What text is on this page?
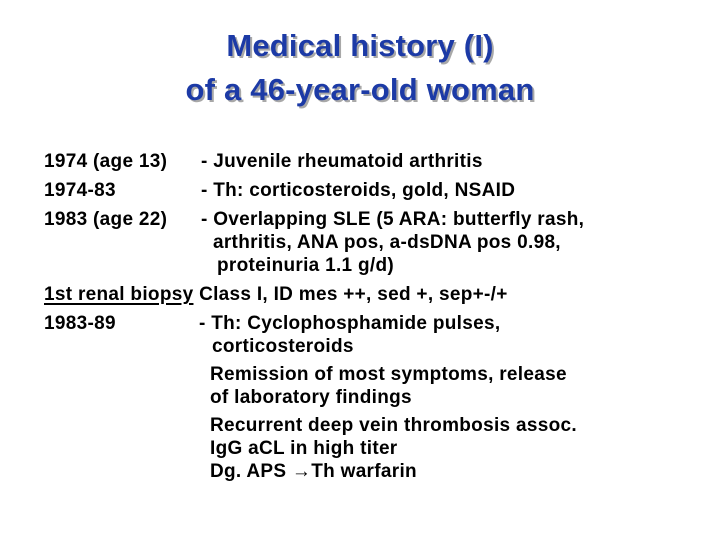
Medical history (I)
of a 46-year-old woman
1974 (age 13) - Juvenile rheumatoid arthritis
1974-83	- Th: corticosteroids, gold, NSAID
1983 (age 22) - Overlapping SLE (5 ARA: butterfly rash,
arthritis, ANA pos, a-dsDNA pos 0.98,
proteinuria 1.1 g/d)
1st renal biopsy Class I, ID mes ++, sed +, sep+-/+
1983-89	- Th: Cyclophosphamide pulses,
corticosteroids
Remission of most symptoms, release
of laboratory findings
Recurrent deep vein thrombosis assoc.
IgG aCL in high titer
Dg. APS →Th warfarin
